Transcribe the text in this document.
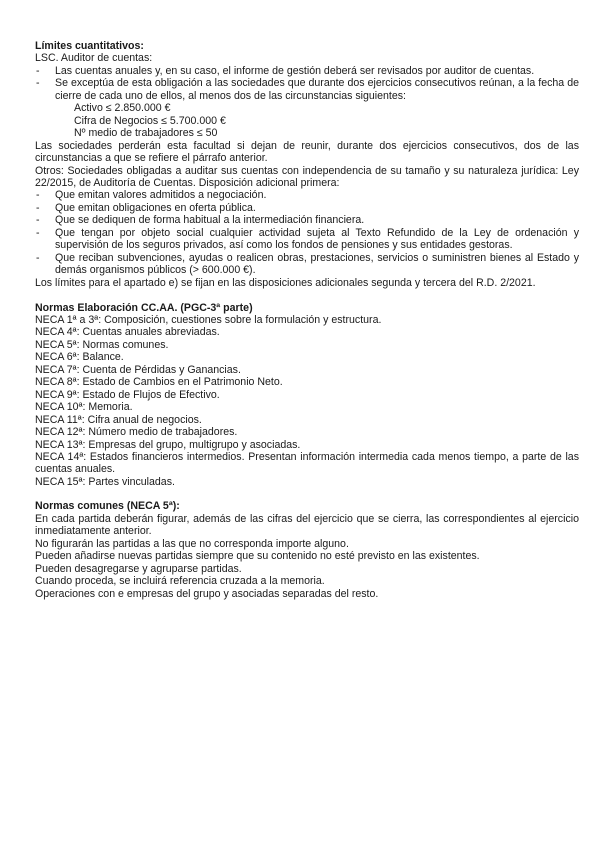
Límites cuantitativos:

LSC. Auditor de cuentas:

- Las cuentas anuales y, en su caso, el informe de gestión deberá ser revisados por auditor de cuentas.
- Se exceptúa de esta obligación a las sociedades que durante dos ejercicios consecutivos reúnan, a la fecha de cierre de cada uno de ellos, al menos dos de las circunstancias siguientes:

Activo ≤ 2.850.000 €

Cifra de Negocios ≤ 5.700.000 €

Nº medio de trabajadores ≤ 50

Las sociedades perderán esta facultad si dejan de reunir, durante dos ejercicios consecutivos, dos de las circunstancias a que se refiere el párrafo anterior.

Otros: Sociedades obligadas a auditar sus cuentas con independencia de su tamaño y su naturaleza jurídica: Ley 22/2015, de Auditoría de Cuentas. Disposición adicional primera:

- Que emitan valores admitidos a negociación.
- Que emitan obligaciones en oferta pública.
- Que se dediquen de forma habitual a la intermediación financiera.
- Que tengan por objeto social cualquier actividad sujeta al Texto Refundido de la Ley de ordenación y supervisión de los seguros privados, así como los fondos de pensiones y sus entidades gestoras.
- Que reciban subvenciones, ayudas o realicen obras, prestaciones, servicios o suministren bienes al Estado y demás organismos públicos (> 600.000 €).

Los límites para el apartado e) se fijan en las disposiciones adicionales segunda y tercera del R.D. 2/2021.

Normas Elaboración CC.AA. (PGC-3ª parte)

NECA 1ª a 3ª: Composición, cuestiones sobre la formulación y estructura.

NECA 4ª: Cuentas anuales abreviadas.

NECA 5ª: Normas comunes.

NECA 6ª: Balance.

NECA 7ª: Cuenta de Pérdidas y Ganancias.

NECA 8ª: Estado de Cambios en el Patrimonio Neto.

NECA 9ª: Estado de Flujos de Efectivo.

NECA 10ª: Memoria.

NECA 11ª: Cifra anual de negocios.

NECA 12ª: Número medio de trabajadores.

NECA 13ª: Empresas del grupo, multigrupo y asociadas.

NECA 14ª: Estados financieros intermedios. Presentan información intermedia cada menos tiempo, a parte de las cuentas anuales.

NECA 15ª: Partes vinculadas.

Normas comunes (NECA 5ª):

En cada partida deberán figurar, además de las cifras del ejercicio que se cierra, las correspondientes al ejercicio inmediatamente anterior.

No figurarán las partidas a las que no corresponda importe alguno.

Pueden añadirse nuevas partidas siempre que su contenido no esté previsto en las existentes.

Pueden desagregarse y agruparse partidas.

Cuando proceda, se incluirá referencia cruzada a la memoria.

Operaciones con e empresas del grupo y asociadas separadas del resto.
